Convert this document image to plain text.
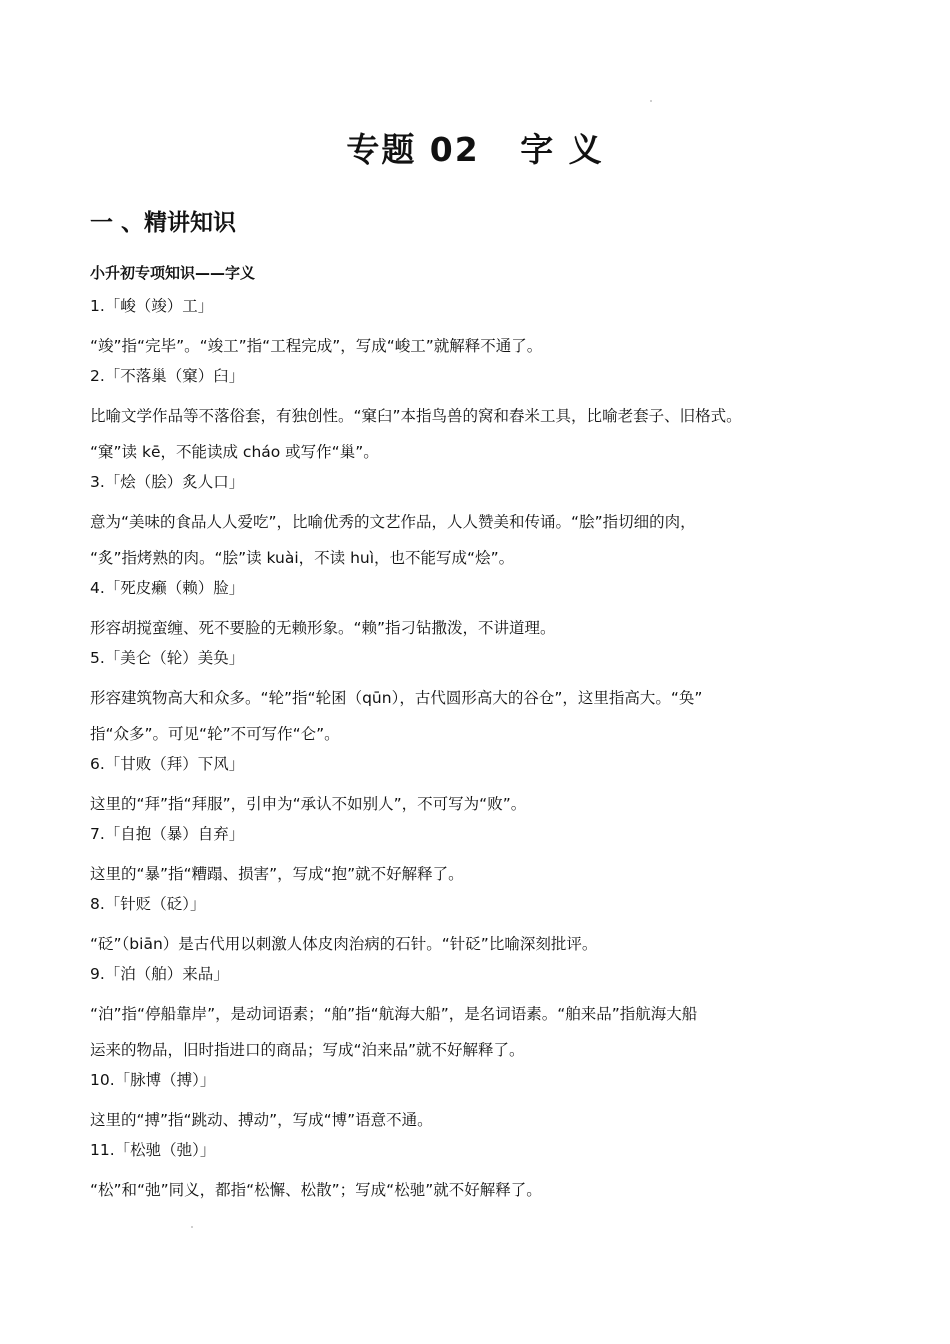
专题 02   字 义
一 、精讲知识
小升初专项知识——字义
1.「峻（竣）工」

“竣”指“完毕”。“竣工”指“工程完成”，写成“峻工”就解释不通了。

2.「不落巢（窠）臼」

比喻文学作品等不落俗套，有独创性。“窠臼”本指鸟兽的窝和舂米工具，比喻老套子、旧格式。

“窠”读 kē，不能读成 cháo 或写作“巢”。

3.「烩（脍）炙人口」

意为“美味的食品人人爱吃”，比喻优秀的文艺作品，人人赞美和传诵。“脍”指切细的肉，

“炙”指烤熟的肉。“脍”读 kuài，不读 huì，也不能写成“烩”。

4.「死皮癞（赖）脸」

形容胡搅蛮缠、死不要脸的无赖形象。“赖”指刁钻撒泼，不讲道理。

5.「美仑（轮）美奂」

形容建筑物高大和众多。“轮”指“轮囷（qūn），古代圆形高大的谷仓”，这里指高大。“奂”

指“众多”。可见“轮”不可写作“仑”。

6.「甘败（拜）下风」

这里的“拜”指“拜服”，引申为“承认不如别人”，不可写为“败”。

7.「自抱（暴）自弃」

这里的“暴”指“糟蹋、损害”，写成“抱”就不好解释了。

8.「针贬（砭）」

“砭”（biān）是古代用以刺激人体皮肉治病的石针。“针砭”比喻深刻批评。

9.「泊（舶）来品」

“泊”指“停船靠岸”，是动词语素；“舶”指“航海大船”，是名词语素。“舶来品”指航海大船

运来的物品，旧时指进口的商品；写成“泊来品”就不好解释了。

10.「脉博（搏）」

这里的“搏”指“跳动、搏动”，写成“博”语意不通。

11.「松驰（弛）」

“松”和“弛”同义，都指“松懈、松散”；写成“松驰”就不好解释了。
